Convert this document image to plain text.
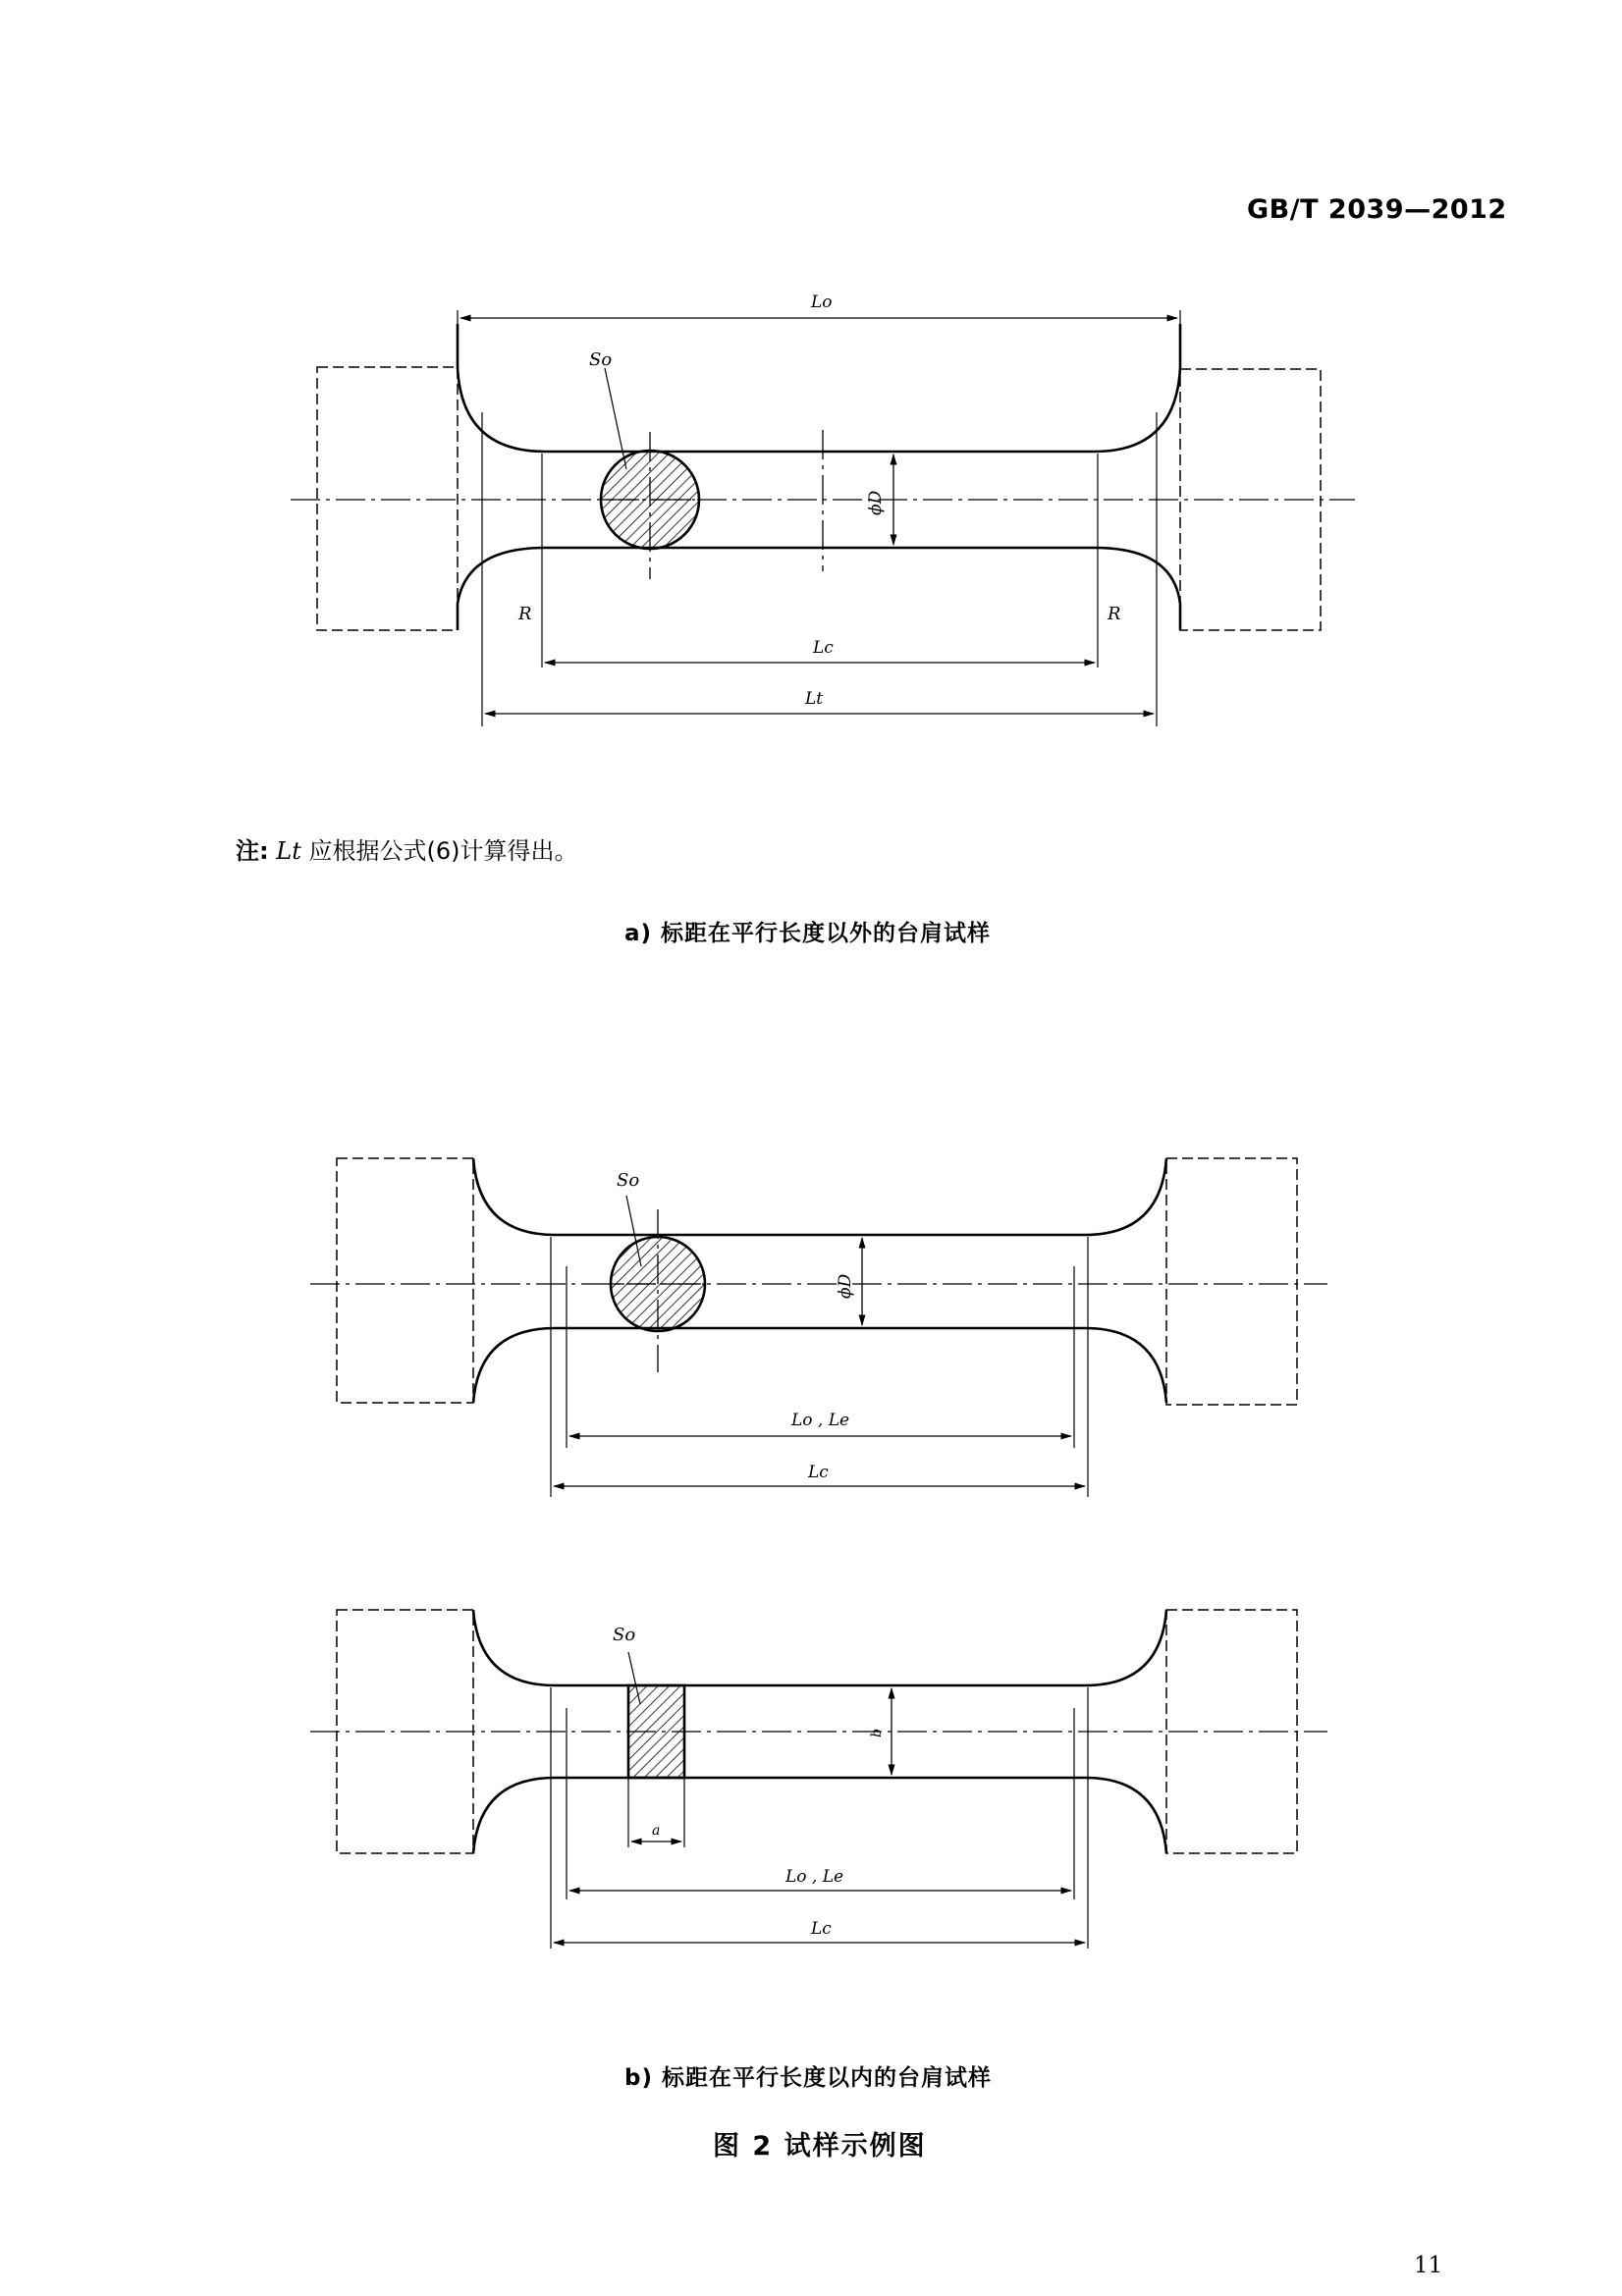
GB/T 2039—2012
Lo
So
ϕD
R	R
Lc
Lt
So
ϕD
Lo , Le
Lc
So
b
a
Lo , Le
Lc
注: Lt 应根据公式(6)计算得出。
a) 标距在平行长度以外的台肩试样
b) 标距在平行长度以内的台肩试样
图 2 试样示例图
11
